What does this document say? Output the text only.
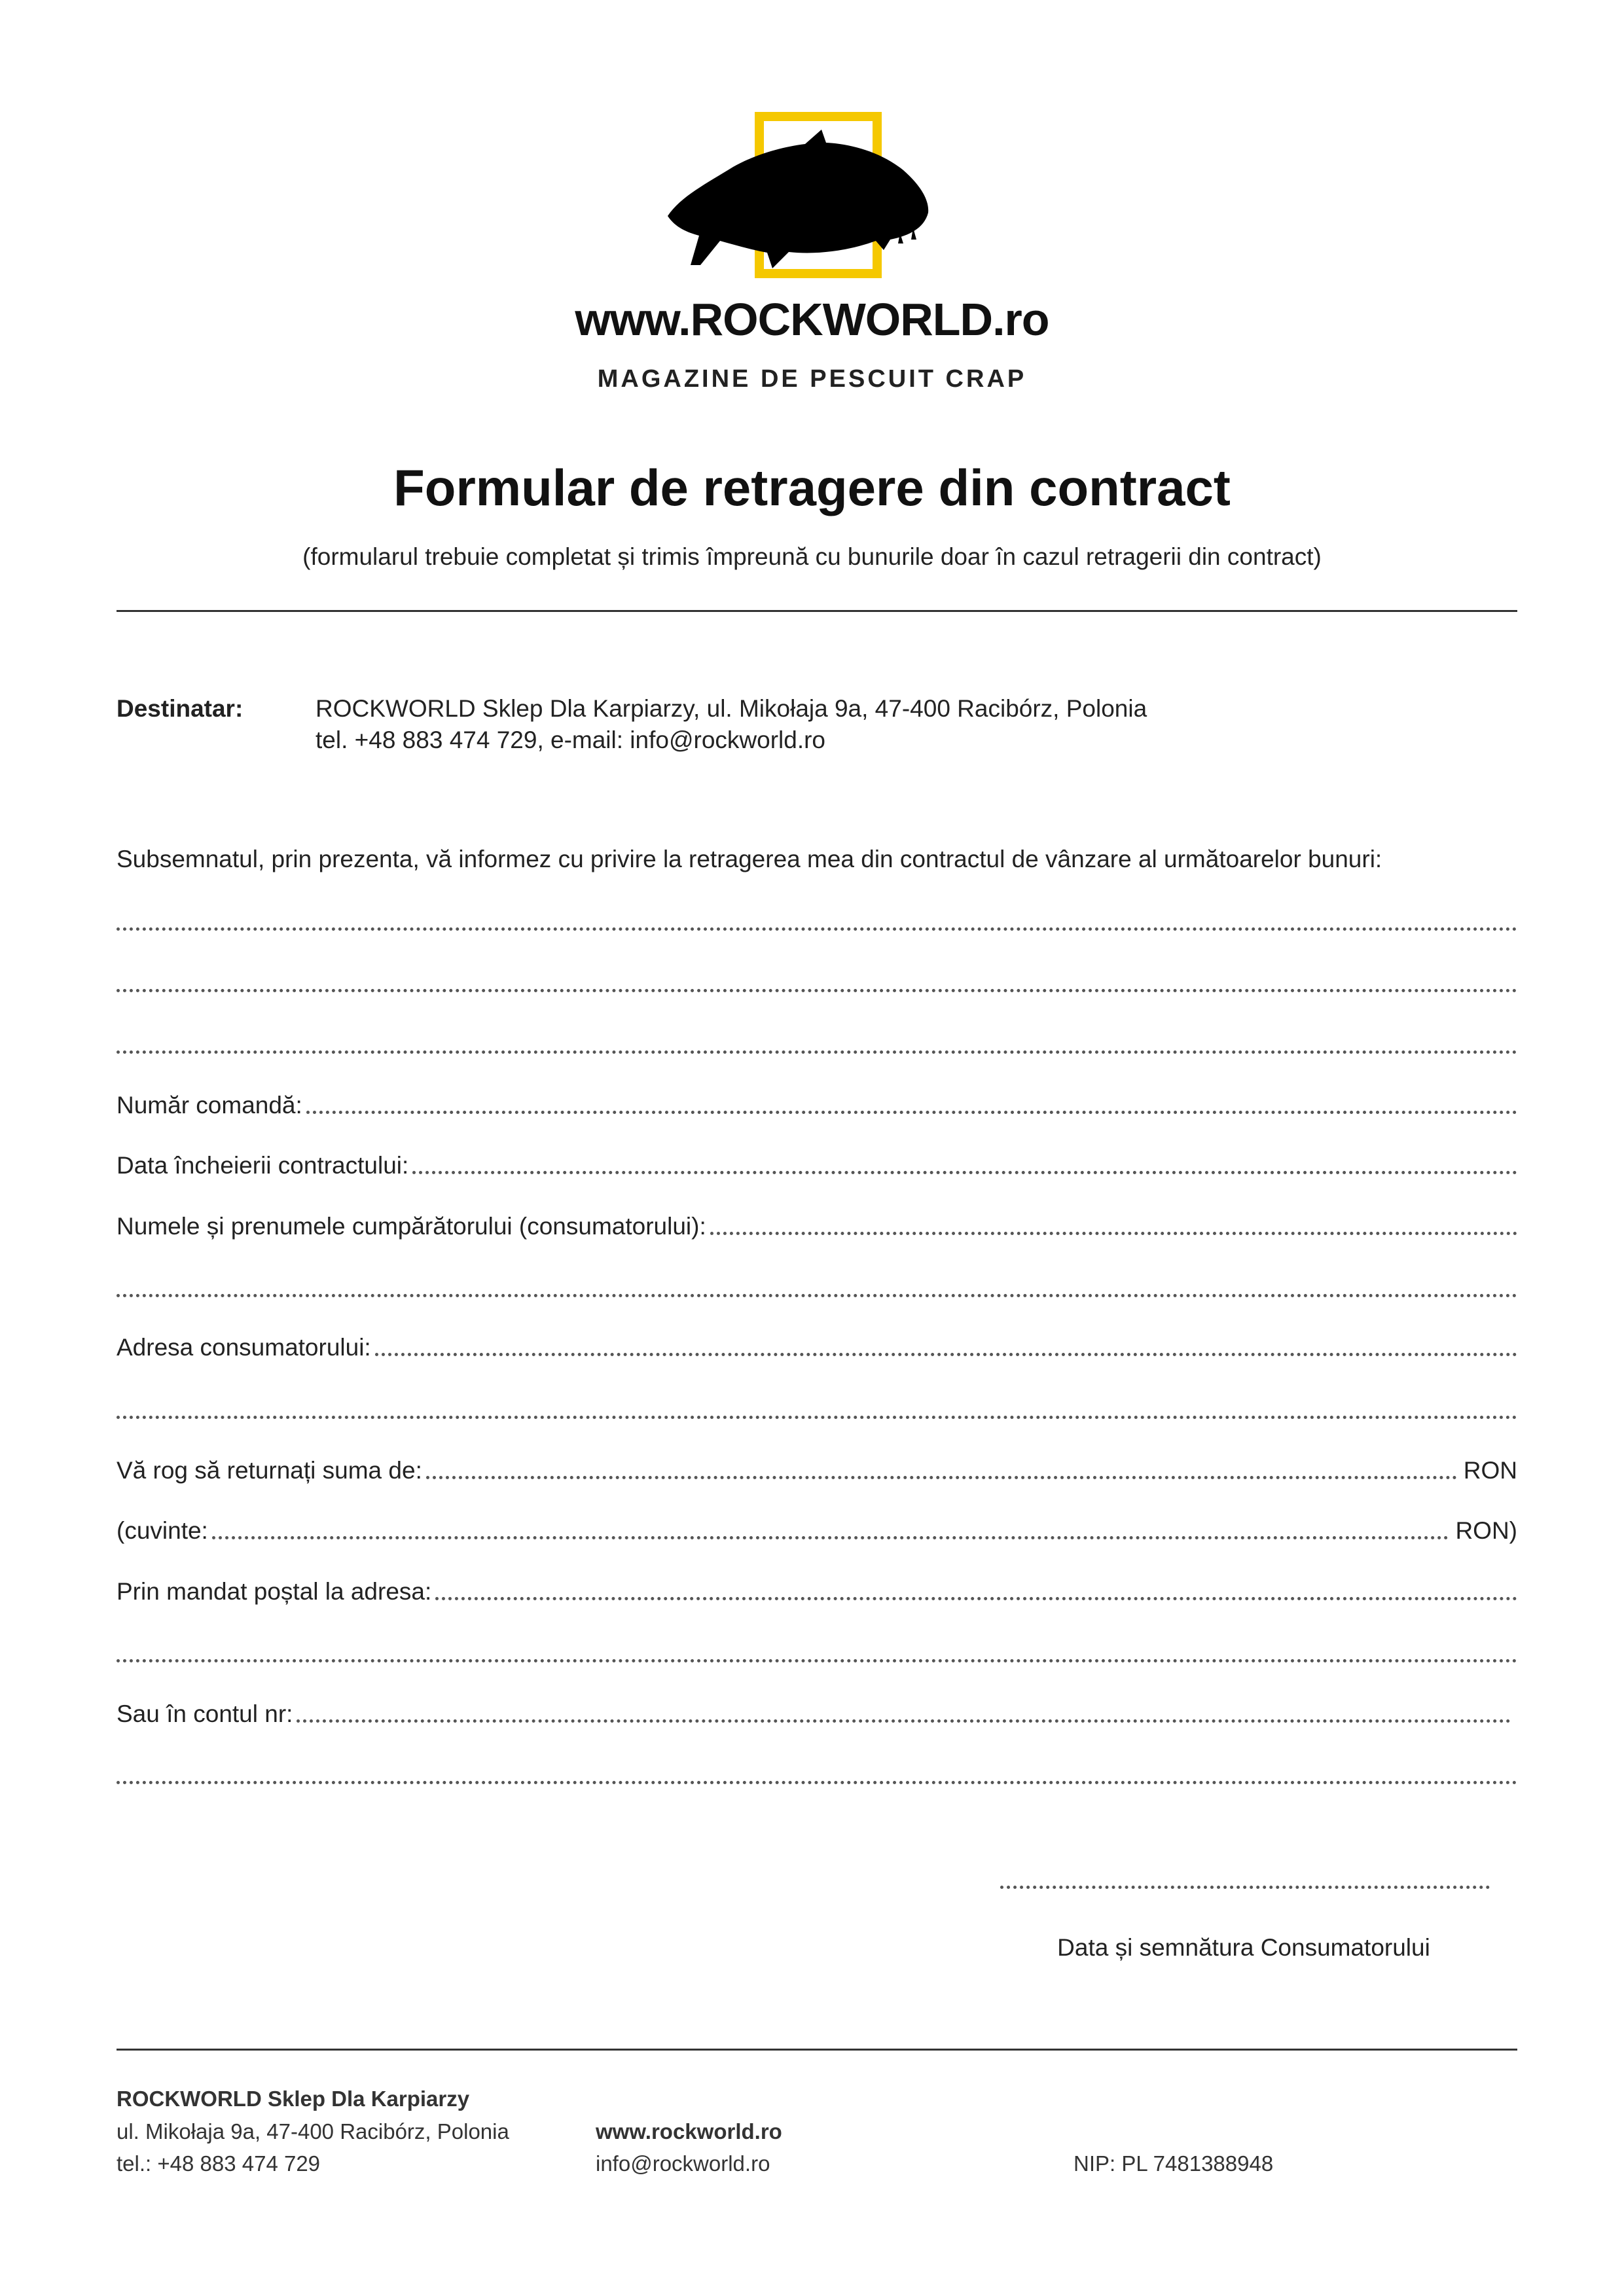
www.ROCKWORLD.ro
MAGAZINE DE PESCUIT CRAP
Formular de retragere din contract
(formularul trebuie completat și trimis împreună cu bunurile doar în cazul retragerii din contract)
Destinatar:	ROCKWORLD Sklep Dla Karpiarzy, ul. Mikołaja 9a, 47-400 Racibórz, Polonia
tel. +48 883 474 729, e-mail: info@rockworld.ro
Subsemnatul, prin prezenta, vă informez cu privire la retragerea mea din contractul de vânzare al următoarelor bunuri:
Număr comandă:
Data încheierii contractului:
Numele și prenumele cumpărătorului (consumatorului):
Adresa consumatorului:
Vă rog să returnați suma de:	RON
(cuvinte:	RON)
Prin mandat poștal la adresa:
Sau în contul nr:
Data și semnătura Consumatorului
ROCKWORLD Sklep Dla Karpiarzy
ul. Mikołaja 9a, 47-400 Racibórz, Polonia
tel.: +48 883 474 729
www.rockworld.ro
info@rockworld.ro	NIP: PL 7481388948
